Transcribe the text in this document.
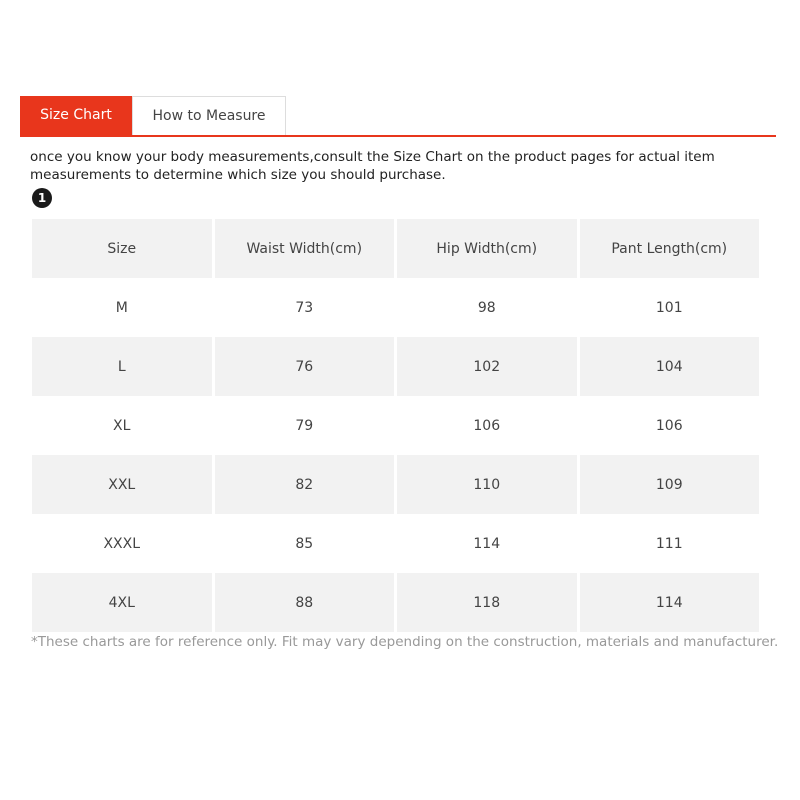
Size Chart	How to Measure
once you know your body measurements,consult the Size Chart on the product pages for actual item measurements to determine which size you should purchase.
1
Size	Waist Width(cm)	Hip Width(cm)	Pant Length(cm)
M	73	98	101
L	76	102	104
XL	79	106	106
XXL	82	110	109
XXXL	85	114	111
4XL	88	118	114
*These charts are for reference only. Fit may vary depending on the construction, materials and manufacturer.
